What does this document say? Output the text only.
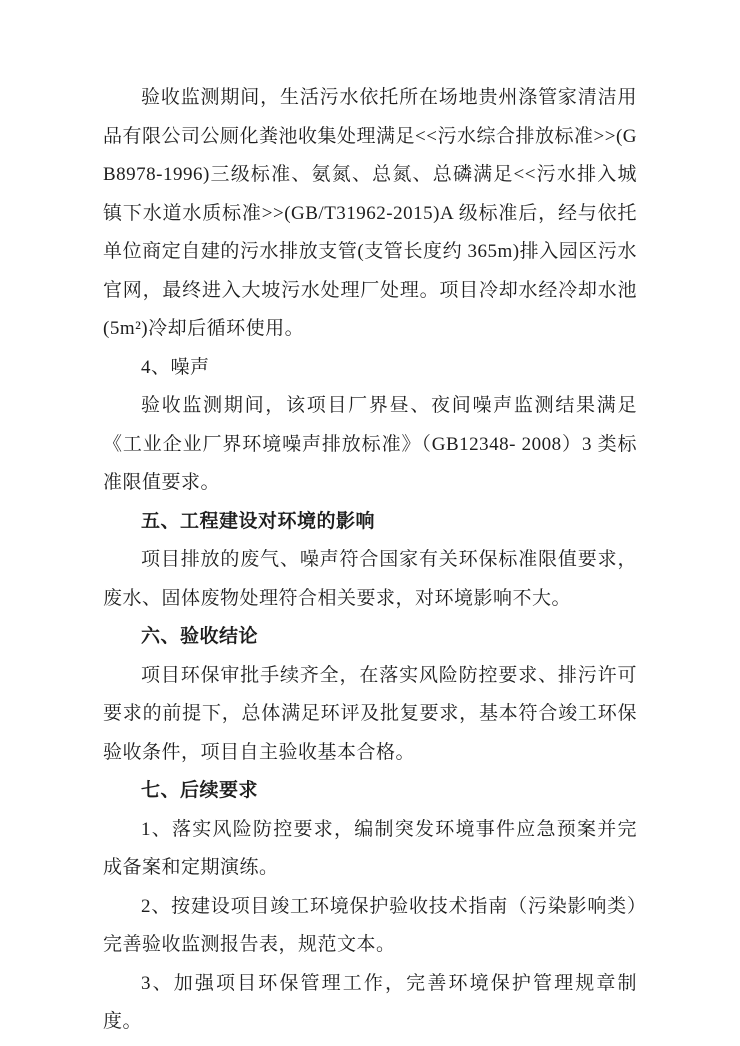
验收监测期间，生活污水依托所在场地贵州涤管家清洁用品有限公司公厕化粪池收集处理满足<<污水综合排放标准>>(GB8978-1996)三级标准、氨氮、总氮、总磷满足<<污水排入城镇下水道水质标准>>(GB/T31962-2015)A 级标准后，经与依托单位商定自建的污水排放支管(支管长度约 365m)排入园区污水官网，最终进入大坡污水处理厂处理。项目冷却水经冷却水池(5m²)冷却后循环使用。

4、噪声

验收监测期间，该项目厂界昼、夜间噪声监测结果满足《工业企业厂界环境噪声排放标准》（GB12348- 2008）3 类标准限值要求。

五、工程建设对环境的影响

项目排放的废气、噪声符合国家有关环保标准限值要求，废水、固体废物处理符合相关要求，对环境影响不大。

六、验收结论

项目环保审批手续齐全，在落实风险防控要求、排污许可要求的前提下，总体满足环评及批复要求，基本符合竣工环保验收条件，项目自主验收基本合格。

七、后续要求

1、落实风险防控要求，编制突发环境事件应急预案并完成备案和定期演练。

2、按建设项目竣工环境保护验收技术指南（污染影响类）完善验收监测报告表，规范文本。

3、加强项目环保管理工作，完善环境保护管理规章制度。
